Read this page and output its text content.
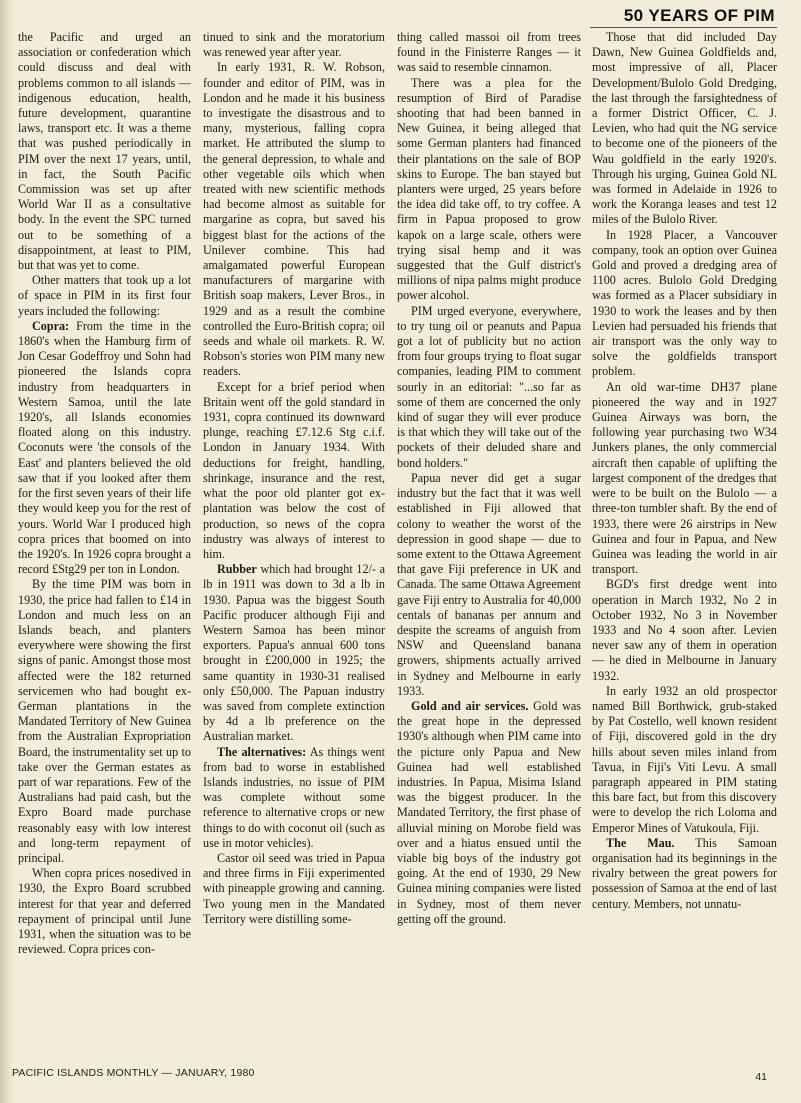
50 YEARS OF PIM

the Pacific and urged an association or confederation which could discuss and deal with problems common to all islands — indigenous education, health, future development, quarantine laws, transport etc. It was a theme that was pushed periodically in PIM over the next 17 years, until, in fact, the South Pacific Commission was set up after World War II as a consultative body. In the event the SPC turned out to be something of a disappointment, at least to PIM, but that was yet to come.

Other matters that took up a lot of space in PIM in its first four years included the following:

Copra: From the time in the 1860's when the Hamburg firm of Jon Cesar Godeffroy und Sohn had pioneered the Islands copra industry from headquarters in Western Samoa, until the late 1920's, all Islands economies floated along on this industry. Coconuts were 'the consols of the East' and planters believed the old saw that if you looked after them for the first seven years of their life they would keep you for the rest of yours. World War I produced high copra prices that boomed on into the 1920's. In 1926 copra brought a record £Stg29 per ton in London.

By the time PIM was born in 1930, the price had fallen to £14 in London and much less on an Islands beach, and planters everywhere were showing the first signs of panic. Amongst those most affected were the 182 returned servicemen who had bought ex-German plantations in the Mandated Territory of New Guinea from the Australian Expropriation Board, the instrumentality set up to take over the German estates as part of war reparations. Few of the Australians had paid cash, but the Expro Board made purchase reasonably easy with low interest and long-term repayment of principal.

When copra prices nosedived in 1930, the Expro Board scrubbed interest for that year and deferred repayment of principal until June 1931, when the situation was to be reviewed. Copra prices con-

tinued to sink and the moratorium was renewed year after year.

In early 1931, R. W. Robson, founder and editor of PIM, was in London and he made it his business to investigate the disastrous and to many, mysterious, falling copra market. He attributed the slump to the general depression, to whale and other vegetable oils which when treated with new scientific methods had become almost as suitable for margarine as copra, but saved his biggest blast for the actions of the Unilever combine. This had amalgamated powerful European manufacturers of margarine with British soap makers, Lever Bros., in 1929 and as a result the combine controlled the Euro-British copra; oil seeds and whale oil markets. R. W. Robson's stories won PIM many new readers.

Except for a brief period when Britain went off the gold standard in 1931, copra continued its downward plunge, reaching £7.12.6 Stg c.i.f. London in January 1934. With deductions for freight, handling, shrinkage, insurance and the rest, what the poor old planter got ex-plantation was below the cost of production, so news of the copra industry was always of interest to him.

Rubber which had brought 12/- a lb in 1911 was down to 3d a lb in 1930. Papua was the biggest South Pacific producer although Fiji and Western Samoa has been minor exporters. Papua's annual 600 tons brought in £200,000 in 1925; the same quantity in 1930-31 realised only £50,000. The Papuan industry was saved from complete extinction by 4d a lb preference on the Australian market.

The alternatives: As things went from bad to worse in established Islands industries, no issue of PIM was complete without some reference to alternative crops or new things to do with coconut oil (such as use in motor vehicles).

Castor oil seed was tried in Papua and three firms in Fiji experimented with pineapple growing and canning. Two young men in the Mandated Territory were distilling some-

thing called massoi oil from trees found in the Finisterre Ranges — it was said to resemble cinnamon.

There was a plea for the resumption of Bird of Paradise shooting that had been banned in New Guinea, it being alleged that some German planters had financed their plantations on the sale of BOP skins to Europe. The ban stayed but planters were urged, 25 years before the idea did take off, to try coffee. A firm in Papua proposed to grow kapok on a large scale, others were trying sisal hemp and it was suggested that the Gulf district's millions of nipa palms might produce power alcohol.

PIM urged everyone, everywhere, to try tung oil or peanuts and Papua got a lot of publicity but no action from four groups trying to float sugar companies, leading PIM to comment sourly in an editorial: "...so far as some of them are concerned the only kind of sugar they will ever produce is that which they will take out of the pockets of their deluded share and bond holders."

Papua never did get a sugar industry but the fact that it was well established in Fiji allowed that colony to weather the worst of the depression in good shape — due to some extent to the Ottawa Agreement that gave Fiji preference in UK and Canada. The same Ottawa Agreement gave Fiji entry to Australia for 40,000 centals of bananas per annum and despite the screams of anguish from NSW and Queensland banana growers, shipments actually arrived in Sydney and Melbourne in early 1933.

Gold and air services. Gold was the great hope in the depressed 1930's although when PIM came into the picture only Papua and New Guinea had well established industries. In Papua, Misima Island was the biggest producer. In the Mandated Territory, the first phase of alluvial mining on Morobe field was over and a hiatus ensued until the viable big boys of the industry got going. At the end of 1930, 29 New Guinea mining companies were listed in Sydney, most of them never getting off the ground.

Those that did included Day Dawn, New Guinea Goldfields and, most impressive of all, Placer Development/Bulolo Gold Dredging, the last through the farsightedness of a former District Officer, C. J. Levien, who had quit the NG service to become one of the pioneers of the Wau goldfield in the early 1920's. Through his urging, Guinea Gold NL was formed in Adelaide in 1926 to work the Koranga leases and test 12 miles of the Bulolo River.

In 1928 Placer, a Vancouver company, took an option over Guinea Gold and proved a dredging area of 1100 acres. Bulolo Gold Dredging was formed as a Placer subsidiary in 1930 to work the leases and by then Levien had persuaded his friends that air transport was the only way to solve the goldfields transport problem.

An old war-time DH37 plane pioneered the way and in 1927 Guinea Airways was born, the following year purchasing two W34 Junkers planes, the only commercial aircraft then capable of uplifting the largest component of the dredges that were to be built on the Bulolo — a three-ton tumbler shaft. By the end of 1933, there were 26 airstrips in New Guinea and four in Papua, and New Guinea was leading the world in air transport.

BGD's first dredge went into operation in March 1932, No 2 in October 1932, No 3 in November 1933 and No 4 soon after. Levien never saw any of them in operation — he died in Melbourne in January 1932.

In early 1932 an old prospector named Bill Borthwick, grub-staked by Pat Costello, well known resident of Fiji, discovered gold in the dry hills about seven miles inland from Tavua, in Fiji's Viti Levu. A small paragraph appeared in PIM stating this bare fact, but from this discovery were to develop the rich Loloma and Emperor Mines of Vatukoula, Fiji.

The Mau. This Samoan organisation had its beginnings in the rivalry between the great powers for possession of Samoa at the end of last century. Members, not unnatu-

PACIFIC ISLANDS MONTHLY — JANUARY, 1980	41
